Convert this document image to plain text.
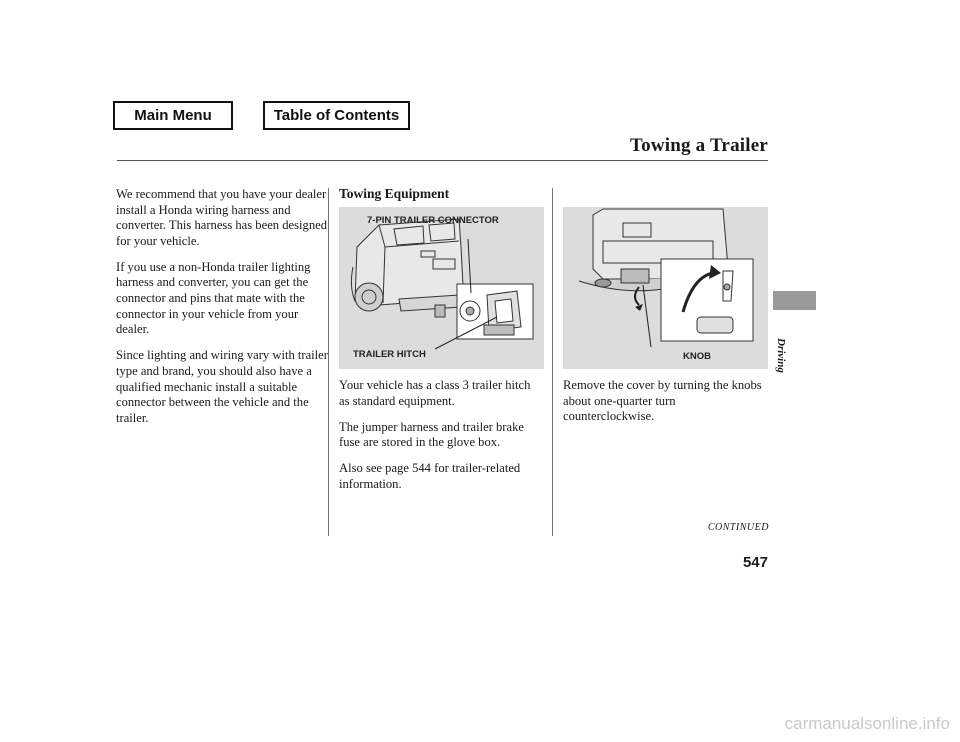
Main Menu	Table of Contents
Towing a Trailer

We recommend that you have your dealer install a Honda wiring harness and converter. This harness has been designed for your vehicle.

If you use a non-Honda trailer lighting harness and converter, you can get the connector and pins that mate with the connector in your vehicle from your dealer.

Since lighting and wiring vary with trailer type and brand, you should also have a qualified mechanic install a suitable connector between the vehicle and the trailer.

Towing Equipment
7-PIN TRAILER CONNECTOR
TRAILER HITCH	KNOB

Your vehicle has a class 3 trailer hitch as standard equipment.

The jumper harness and trailer brake fuse are stored in the glove box.

Also see page 544 for trailer-related information.

Remove the cover by turning the knobs about one-quarter turn counterclockwise.

CONTINUED
547
Driving
carmanualsonline.info
